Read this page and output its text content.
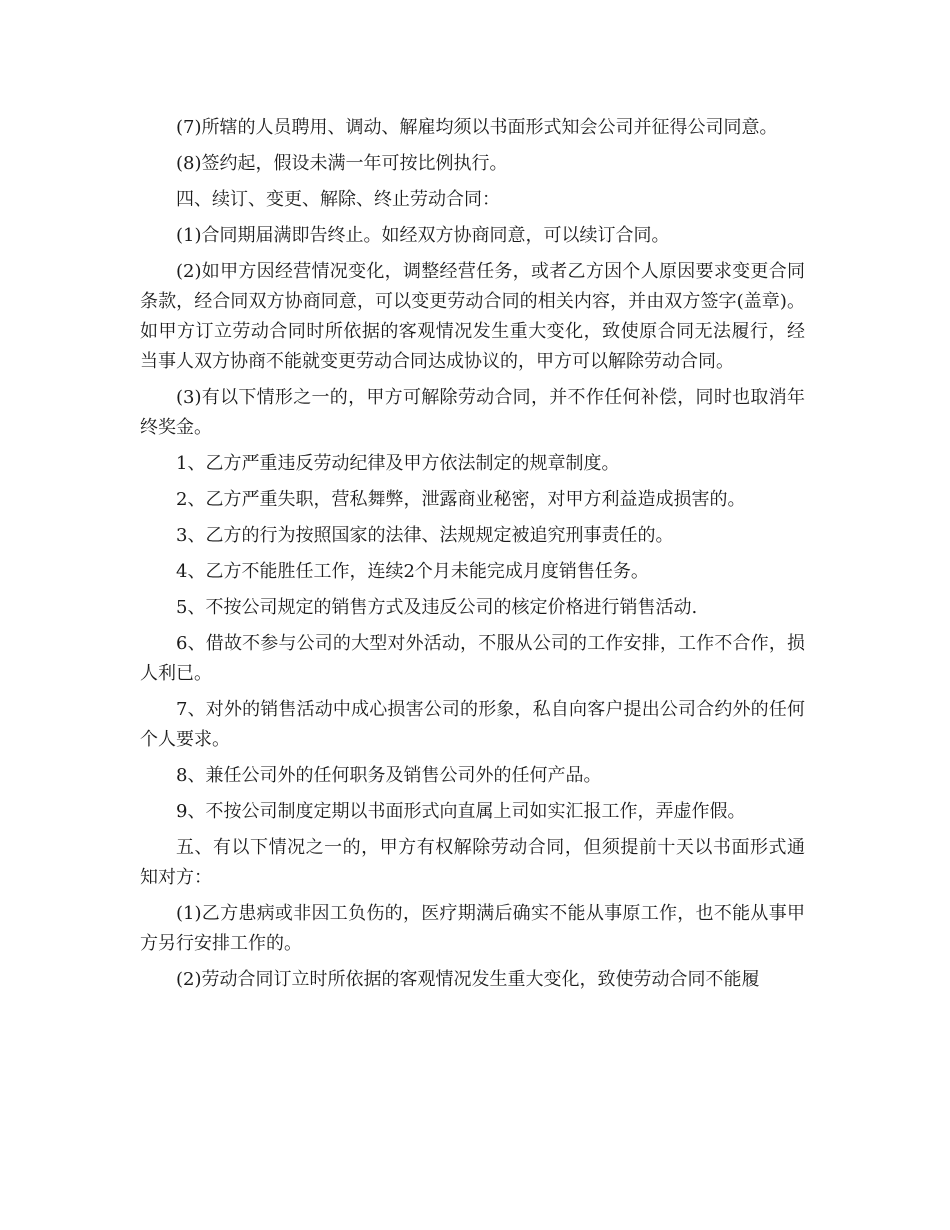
(7)所辖的人员聘用、调动、解雇均须以书面形式知会公司并征得公司同意。

(8)签约起，假设未满一年可按比例执行。

四、续订、变更、解除、终止劳动合同：

(1)合同期届满即告终止。如经双方协商同意，可以续订合同。

(2)如甲方因经营情况变化，调整经营任务，或者乙方因个人原因要求变更合同条款，经合同双方协商同意，可以变更劳动合同的相关内容，并由双方签字(盖章)。如甲方订立劳动合同时所依据的客观情况发生重大变化，致使原合同无法履行，经当事人双方协商不能就变更劳动合同达成协议的，甲方可以解除劳动合同。

(3)有以下情形之一的，甲方可解除劳动合同，并不作任何补偿，同时也取消年终奖金。

1、乙方严重违反劳动纪律及甲方依法制定的规章制度。

2、乙方严重失职，营私舞弊，泄露商业秘密，对甲方利益造成损害的。

3、乙方的行为按照国家的法律、法规规定被追究刑事责任的。

4、乙方不能胜任工作，连续2个月未能完成月度销售任务。

5、不按公司规定的销售方式及违反公司的核定价格进行销售活动.

6、借故不参与公司的大型对外活动，不服从公司的工作安排，工作不合作，损人利已。

7、对外的销售活动中成心损害公司的形象，私自向客户提出公司合约外的任何个人要求。

8、兼任公司外的任何职务及销售公司外的任何产品。

9、不按公司制度定期以书面形式向直属上司如实汇报工作，弄虚作假。

五、有以下情况之一的，甲方有权解除劳动合同，但须提前十天以书面形式通知对方：

(1)乙方患病或非因工负伤的，医疗期满后确实不能从事原工作，也不能从事甲方另行安排工作的。

(2)劳动合同订立时所依据的客观情况发生重大变化，致使劳动合同不能履
